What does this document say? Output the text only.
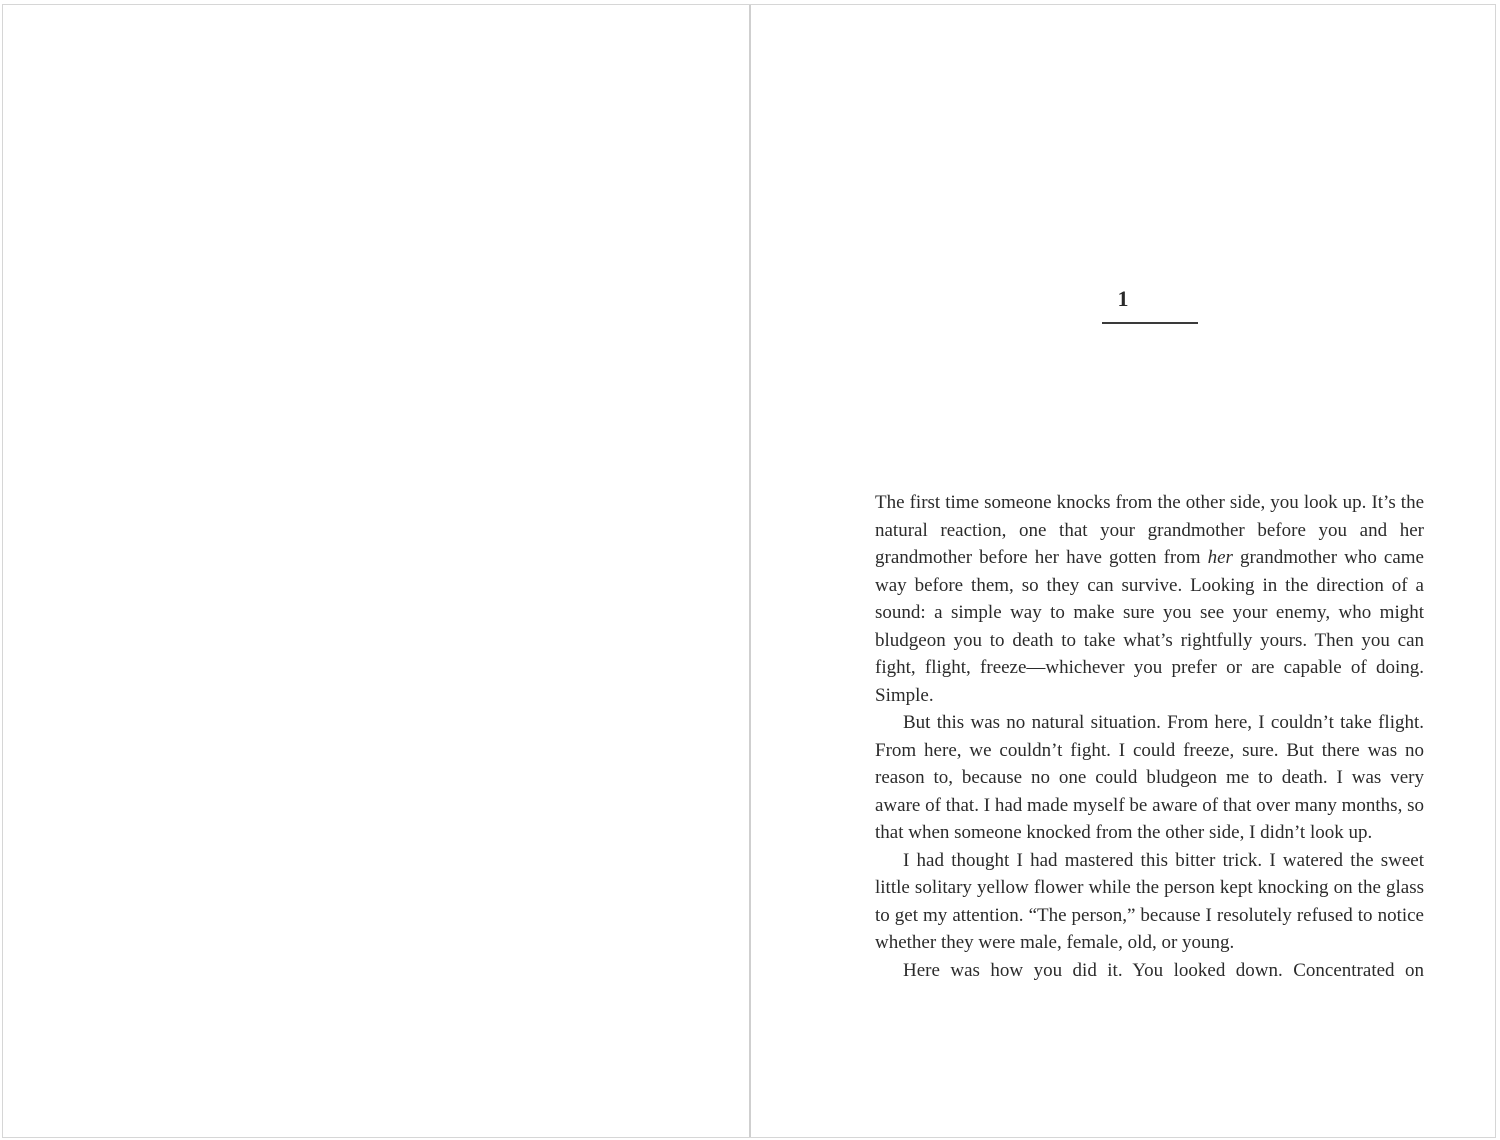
1

The first time someone knocks from the other side, you look up. It’s the natural reaction, one that your grandmother before you and her grandmother before her have gotten from her grandmother who came way before them, so they can survive. Looking in the direction of a sound: a simple way to make sure you see your enemy, who might bludgeon you to death to take what’s rightfully yours. Then you can fight, flight, freeze—whichever you prefer or are capable of doing. Simple.

But this was no natural situation. From here, I couldn’t take flight. From here, we couldn’t fight. I could freeze, sure. But there was no reason to, because no one could bludgeon me to death. I was very aware of that. I had made myself be aware of that over many months, so that when someone knocked from the other side, I didn’t look up.

I had thought I had mastered this bitter trick. I watered the sweet little solitary yellow flower while the person kept knocking on the glass to get my attention. “The person,” because I resolutely refused to notice whether they were male, female, old, or young.

Here was how you did it. You looked down. Concentrated on
